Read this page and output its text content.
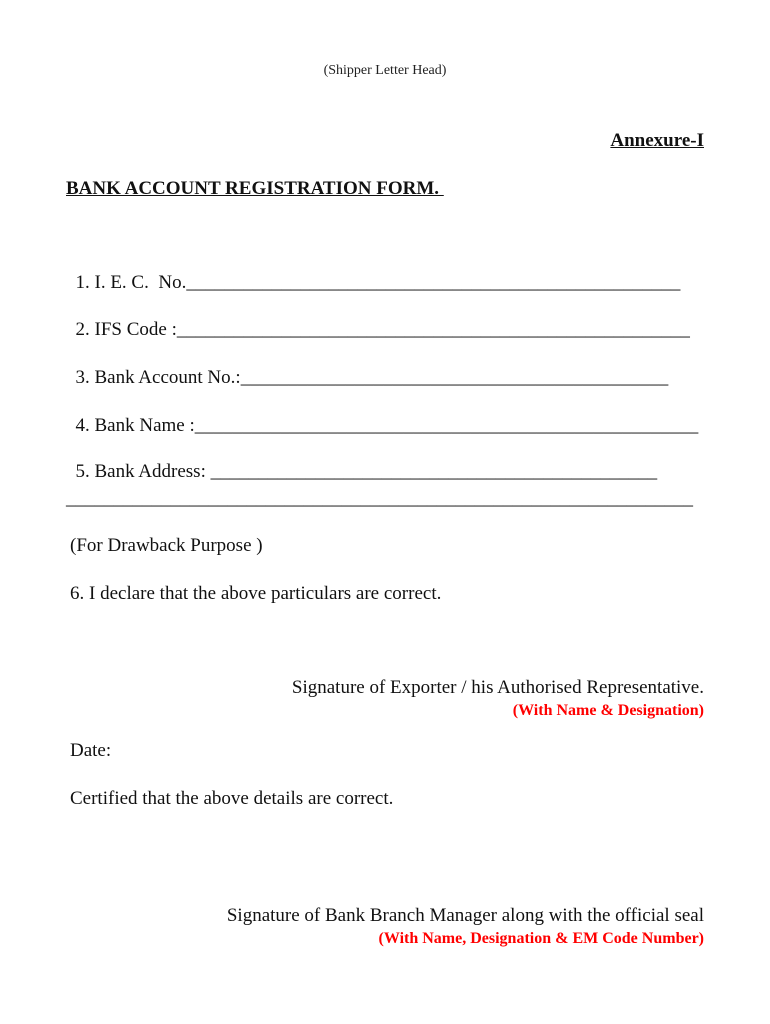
(Shipper Letter Head)
Annexure-I
BANK ACCOUNT REGISTRATION FORM.

1. I. E. C.  No.____________________________________________________

2. IFS Code :______________________________________________________

3. Bank Account No.:_____________________________________________

4. Bank Name :_____________________________________________________

5. Bank Address: _______________________________________________

__________________________________________________________________
(For Drawback Purpose )
6. I declare that the above particulars are correct.
Signature of Exporter / his Authorised Representative.
(With Name & Designation)
Date:
Certified that the above details are correct.
Signature of Bank Branch Manager along with the official seal
(With Name, Designation & EM Code Number)
